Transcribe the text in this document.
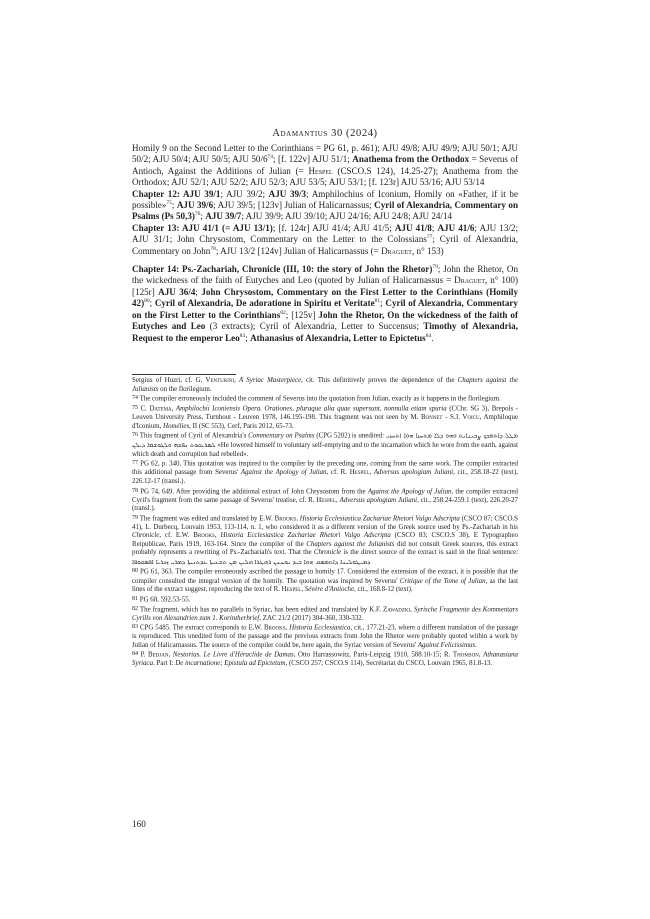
Adamantius 30 (2024)

Homily 9 on the Second Letter to the Corinthians = PG 61, p. 461); AJU 49/8; AJU 49/9; AJU 50/1; AJU 50/2; AJU 50/4; AJU 50/5; AJU $50/6^{74}$; [f. 122v] AJU 51/1; Anathema from the Orthodox = Severus of Antioch, Against the Additions of Julian (= Hespel (CSCO.S 124), 14.25-27); Anathema from the Orthodox; AJU 52/1; AJU 52/2; AJU 52/3; AJU 53/5; AJU 53/1; [f. 123r] AJU 53/16; AJU 53/14

Chapter 12: AJU 39/1; AJU 39/2; AJU 39/3; Amphilochius of Iconium, Homily on «Father, if it be possible»$^{75}$; AJU 39/6; AJU 39/5; [123v] Julian of Halicarnassus; Cyril of Alexandria, Commentary on Psalms (Ps 50,3)$^{76}$; AJU 39/7; AJU 39/9; AJU 39/10; AJU 24/16; AJU 24/8; AJU 24/14

Chapter 13: AJU 41/1 (= AJU 13/1); [f. 124r] AJU 41/4; AJU 41/5; AJU 41/8; AJU 41/6; AJU 13/2; AJU 31/1; John Chrysostom, Commentary on the Letter to the Colossians$^{77}$; Cyril of Alexandria, Commentary on John$^{78}$; AJU 13/2 [124v] Julian of Halicarnassus (= Draguet, n° 153)

Chapter 14: Ps.-Zachariah, Chronicle (III, 10: the story of John the Rhetor)$^{79}$; John the Rhetor, On the wickedness of the faith of Eutyches and Leo (quoted by Julian of Halicarnassus = Draguet, n° 100) [125r] AJU 36/4; John Chrysostom, Commentary on the First Letter to the Corinthians (Homily 42)$^{80}$; Cyril of Alexandria, De adoratione in Spiritu et Veritate$^{81}$; Cyril of Alexandria, Commentary on the First Letter to the Corinthians$^{82}$; [125v] John the Rhetor, On the wickedness of the faith of Eutyches and Leo (3 extracts); Cyril of Alexandria, Letter to Succensus; Timothy of Alexandria, Request to the emperor Leo$^{83}$; Athanasius of Alexandria, Letter to Epictetus$^{84}$.

Sergius of Huzri, cf. G. Venturini, A Syriac Masterpiece, cit. This definitively proves the dependence of the Chapters against the Julianists on the florilegium.

74 The compiler erroneously included the comment of Severus into the quotation from Julian, exactly as it happens in the florilegium.

75 C. Datema, Amphilochii Iconiensis Opera. Orationes, pluraque alia quae supersunt, nonnulla etiam spuria (CChr. SG 3), Brepols - Leuven University Press, Turnhout - Leuven 1978, 146.195-198. This fragment was not seen by M. Bonnet - S.J. Voicu, Amphiloque d'Iconium, Homélies, II (SC 553), Cerf, Paris 2012, 65-73.

76 This fragment of Cyril of Alexandria's Commentary on Psalms (CPG 5202) is unedited: ܘܗܘ ܕܠܐ ܡܬܚܙܐ ܗܘܐ ܐܬܚܙܝ ܡܛܠ ܕܐܬܡܟܟ ܨܒܝܢܐܝܬ ܠܣܪܝܩܘܬ ܢܦܫܗ ܘܠܓܘܫܡܐ ܕܝܠܢ «He lowered himself to voluntary self-emptying and to the incarnation which he wore from the earth, against which death and corruption had rebelled».

77 PG 62, p. 340. This quotation was inspired to the compiler by the preceding one, coming from the same work. The compiler extracted this additional passage from Severus' Against the Apology of Julian, cf. R. Hespel, Adversus apologiam Juliani, cit., 258.18-22 (text), 226.12-17 (transl.).

78 PG 74, 649. After providing the additional extract of John Chrysostom from the Against the Apology of Julian, the compiler extracted Cyril's fragment from the same passage of Severus' treatise, cf. R. Hespel, Adversus apologiam Juliani, cit., 258.24-259.1 (text), 226.20-27 (transl.).

79 The fragment was edited and translated by E.W. Brooks, Historia Ecclesiastica Zachariae Rhetori Vulgo Adscripta (CSCO 87; CSCO.S 41), L. Durbecq, Louvain 1953, 113-114, n. 1, who considered it as a different version of the Greek source used by Ps.-Zachariah in his Chronicle, cf. E.W. Brooks, Historia Ecclesiastica Zachariae Rhetori Vulgo Adscripta (CSCO 83; CSCO.S 38), E Typographeo Reipublicae, Paris 1919, 163-164. Since the compiler of the Chapters against the Julianists did not consult Greek sources, this extract probably represents a rewriting of Ps.-Zachariah's text. That the Chronicle is the direct source of the extract is said in the final sentence: ܗܠܝܢ ܡܢ ܬܫܥܝܬܐ ܥܕܬܢܝܬܐ ܕܡܪܝ ܙܟܪܝܐ ܐܦܣܩܘܦܐ ܕܡܝܛܘܠܝܢܐ ܕܐܬܡܣܩ ܗܘܐ ܒܝܕ ܝܘܚܢܢ ܪܗܛܪܐ

80 PG 61, 363. The compiler erroneously ascribed the passage to homily 17. Considered the extension of the extract, it is possible that the compiler consulted the integral version of the homily. The quotation was inspired by Severus' Critique of the Tome of Julian, as the last lines of the extract suggest, reproducing the text of R. Hespel, Sévère d'Antioche, cit., 168.8-12 (text).

81 PG 68, 592.53-55.

82 The fragment, which has no parallels in Syriac, has been edited and translated by K.F. Zawadzki, Syrische Fragmente des Kommentars Cyrills von Alexandrien zum 1. Korintherbrief, ZAC 21/2 (2017) 304-360, 330-332.

83 CPG 5485. The extract corresponds to E.W. Brooks, Historia Ecclesiastica, cit., 177.21-23, where a different translation of the passage is reproduced. This unedited form of the passage and the previous extracts from John the Rhetor were probably quoted within a work by Julian of Halicarnassus. The source of the compiler could be, here again, the Syriac version of Severus' Against Felicissimus.

84 P. Bedjan, Nestorius. Le Livre d'Héraclide de Damas, Otto Harrassowitz, Paris-Leipzig 1910, 588.10-15; R. Thomson, Athanasiana Syriaca. Part I: De incarnatione; Epistula ad Epictetum, (CSCO 257; CSCO.S 114), Secrétariat du CSCO, Louvain 1965, 81.8-13.

160
